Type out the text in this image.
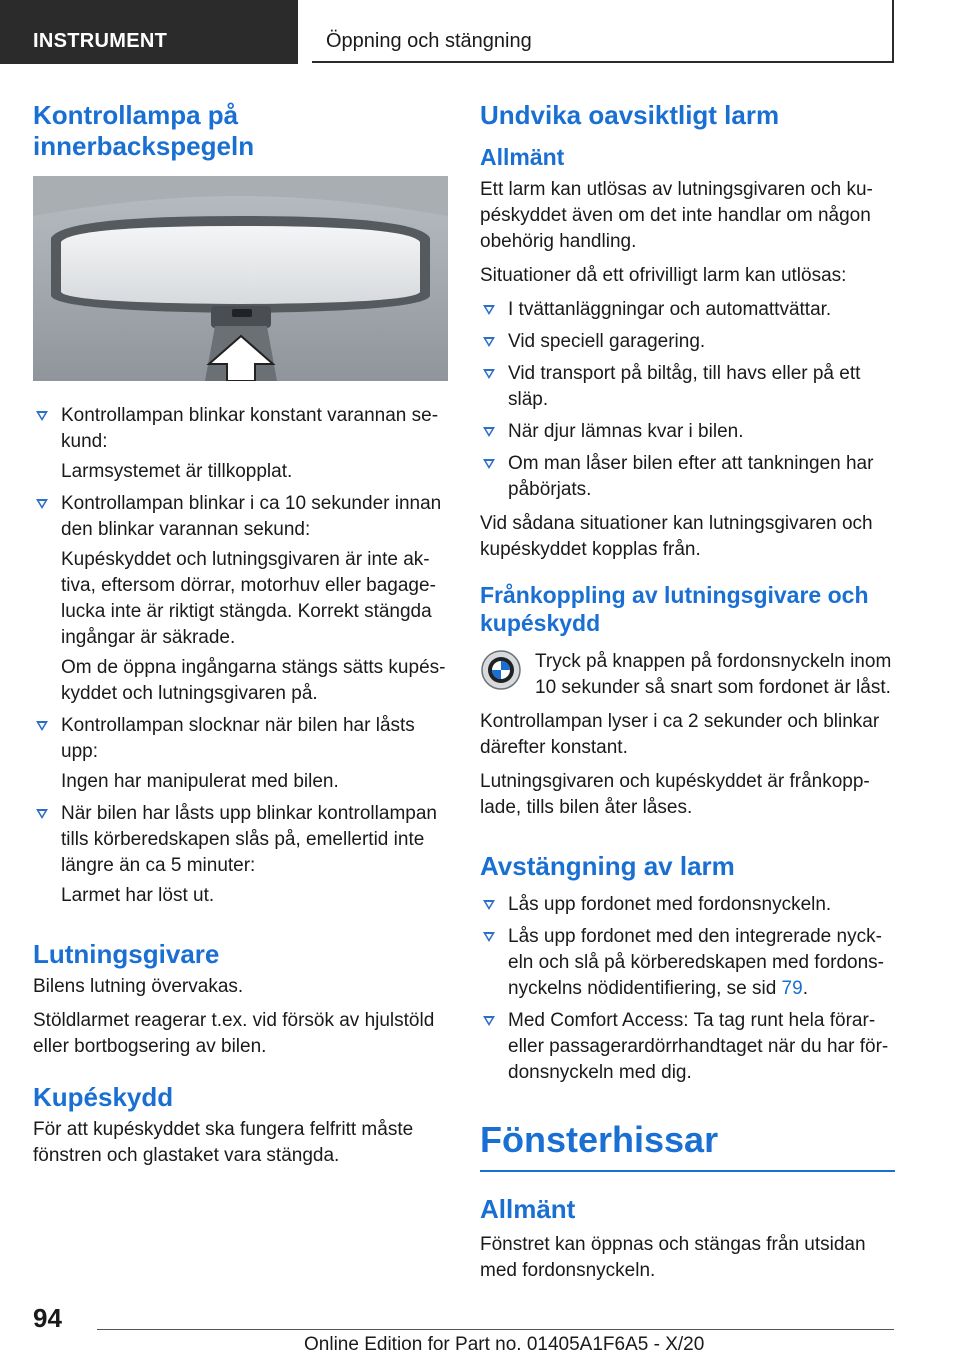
INSTRUMENT	Öppning och stängning
Kontrollampa på innerbackspegeln
Kontrollampan blinkar konstant varannan se- kund:
Larmsystemet är tillkopplat.
Kontrollampan blinkar i ca 10 sekunder innan den blinkar varannan sekund:
Kupéskyddet och lutningsgivaren är inte ak- tiva, eftersom dörrar, motorhuv eller bagage- lucka inte är riktigt stängda. Korrekt stängda ingångar är säkrade.
Om de öppna ingångarna stängs sätts kupés- kyddet och lutningsgivaren på.
Kontrollampan slocknar när bilen har låsts upp:
Ingen har manipulerat med bilen.
När bilen har låsts upp blinkar kontrollampan tills körberedskapen slås på, emellertid inte längre än ca 5 minuter:
Larmet har löst ut.
Lutningsgivare

Bilens lutning övervakas.

Stöldlarmet reagerar t.ex. vid försök av hjulstöld eller bortbogsering av bilen.

Kupéskydd

För att kupéskyddet ska fungera felfritt måste fönstren och glastaket vara stängda.

Undvika oavsiktligt larm
Allmänt

Ett larm kan utlösas av lutningsgivaren och ku- péskyddet även om det inte handlar om någon obehörig handling.

Situationer då ett ofrivilligt larm kan utlösas:

I tvättanläggningar och automattvättar.
Vid speciell garagering.
Vid transport på biltåg, till havs eller på ett släp.
När djur lämnas kvar i bilen.
Om man låser bilen efter att tankningen har påbörjats.

Vid sådana situationer kan lutningsgivaren och kupéskyddet kopplas från.

Frånkoppling av lutningsgivare och kupéskydd

Tryck på knappen på fordonsnyckeln inom 10 sekunder så snart som fordonet är låst.

Kontrollampan lyser i ca 2 sekunder och blinkar därefter konstant.

Lutningsgivaren och kupéskyddet är frånkopp- lade, tills bilen åter låses.

Avstängning av larm
Lås upp fordonet med fordonsnyckeln.
Lås upp fordonet med den integrerade nyck- eln och slå på körberedskapen med fordons- nyckelns nödidentifiering, se sid 79.
Med Comfort Access: Ta tag runt hela förar- eller passagerardörrhandtaget när du har för- donsnyckeln med dig.
Fönsterhissar
Allmänt

Fönstret kan öppnas och stängas från utsidan med fordonsnyckeln.

94
Online Edition for Part no. 01405A1F6A5 - X/20
